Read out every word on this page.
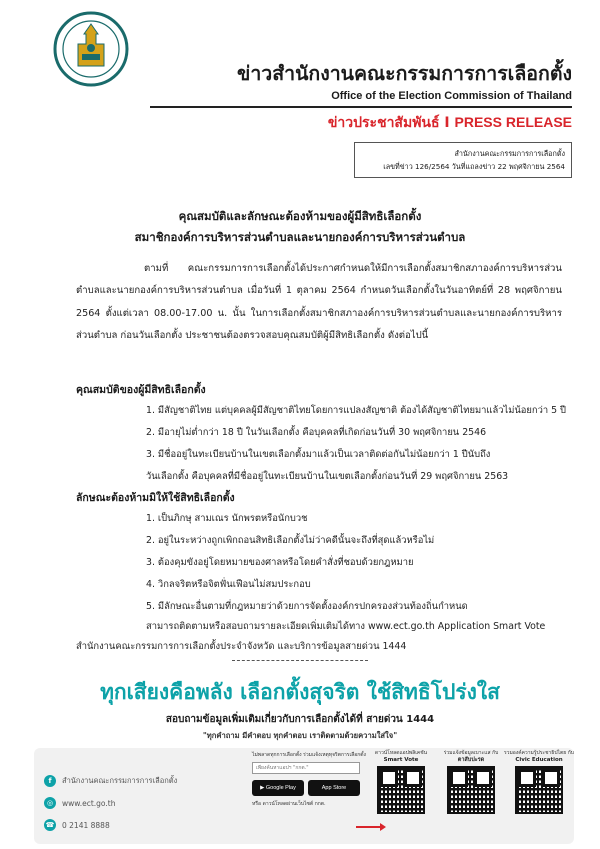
ข่าวสำนักงานคณะกรรมการการเลือกตั้ง
Office of the Election Commission of Thailand
ข่าวประชาสัมพันธ์ I PRESS RELEASE
สำนักงานคณะกรรมการการเลือกตั้ง
เลขที่ข่าว 126/2564 วันที่แถลงข่าว 22 พฤศจิกายน 2564
คุณสมบัติและลักษณะต้องห้ามของผู้มีสิทธิเลือกตั้ง
สมาชิกองค์การบริหารส่วนตำบลและนายกองค์การบริหารส่วนตำบล
ตามที่ คณะกรรมการการเลือกตั้งได้ประกาศกำหนดให้มีการเลือกตั้งสมาชิกสภาองค์การบริหารส่วนตำบลและนายกองค์การบริหารส่วนตำบล เมื่อวันที่ 1 ตุลาคม 2564 กำหนดวันเลือกตั้งในวันอาทิตย์ที่ 28 พฤศจิกายน 2564 ตั้งแต่เวลา 08.00-17.00 น. นั้น ในการเลือกตั้งสมาชิกสภาองค์การบริหารส่วนตำบลและนายกองค์การบริหารส่วนตำบล ก่อนวันเลือกตั้ง ประชาชนต้องตรวจสอบคุณสมบัติผู้มีสิทธิเลือกตั้ง ดังต่อไปนี้
คุณสมบัติของผู้มีสิทธิเลือกตั้ง
1. มีสัญชาติไทย แต่บุคคลผู้มีสัญชาติไทยโดยการแปลงสัญชาติ ต้องได้สัญชาติไทยมาแล้วไม่น้อยกว่า 5 ปี
2. มีอายุไม่ต่ำกว่า 18 ปี ในวันเลือกตั้ง คือบุคคลที่เกิดก่อนวันที่ 30 พฤศจิกายน 2546
3. มีชื่ออยู่ในทะเบียนบ้านในเขตเลือกตั้งมาแล้วเป็นเวลาติดต่อกันไม่น้อยกว่า 1 ปีนับถึง
วันเลือกตั้ง คือบุคคลที่มีชื่ออยู่ในทะเบียนบ้านในเขตเลือกตั้งก่อนวันที่ 29 พฤศจิกายน 2563
ลักษณะต้องห้ามมิให้ใช้สิทธิเลือกตั้ง
1. เป็นภิกษุ สามเณร นักพรตหรือนักบวช
2. อยู่ในระหว่างถูกเพิกถอนสิทธิเลือกตั้งไม่ว่าคดีนั้นจะถึงที่สุดแล้วหรือไม่
3. ต้องคุมขังอยู่โดยหมายของศาลหรือโดยคำสั่งที่ชอบด้วยกฎหมาย
4. วิกลจริตหรือจิตฟั่นเฟือนไม่สมประกอบ
5. มีลักษณะอื่นตามที่กฎหมายว่าด้วยการจัดตั้งองค์กรปกครองส่วนท้องถิ่นกำหนด
สามารถติดตามหรือสอบถามรายละเอียดเพิ่มเติมได้ทาง www.ect.go.th Application Smart Vote
สำนักงานคณะกรรมการการเลือกตั้งประจำจังหวัด และบริการข้อมูลสายด่วน 1444
ทุกเสียงคือพลัง เลือกตั้งสุจริต ใช้สิทธิโปร่งใส
สอบถามข้อมูลเพิ่มเติมเกี่ยวกับการเลือกตั้งได้ที่ สายด่วน 1444
"ทุกคำถาม มีคำตอบ ทุกคำตอบ เราติดตามด้วยความใส่ใจ"
f	สำนักงานคณะกรรมการการเลือกตั้ง
◎	www.ect.go.th
☎ 0 2141 8888
ไม่พลาดทุกการเลือกตั้ง ร่วมแจ้งเหตุทุจริตการเลือกตั้ง
เพียงค้นหาแอปฯ "กกต."
▶ Google Play	App Store
หรือ ดาวน์โหลดผ่านเว็บไซต์ กกต.
ดาวน์โหลดแอปพลิเคชัน
Smart Vote
ร่วมแจ้งข้อมูลเบาะแส กับ
ตาสับปะรด
รวมองค์ความรู้ประชาธิปไตย กับ
Civic Education
